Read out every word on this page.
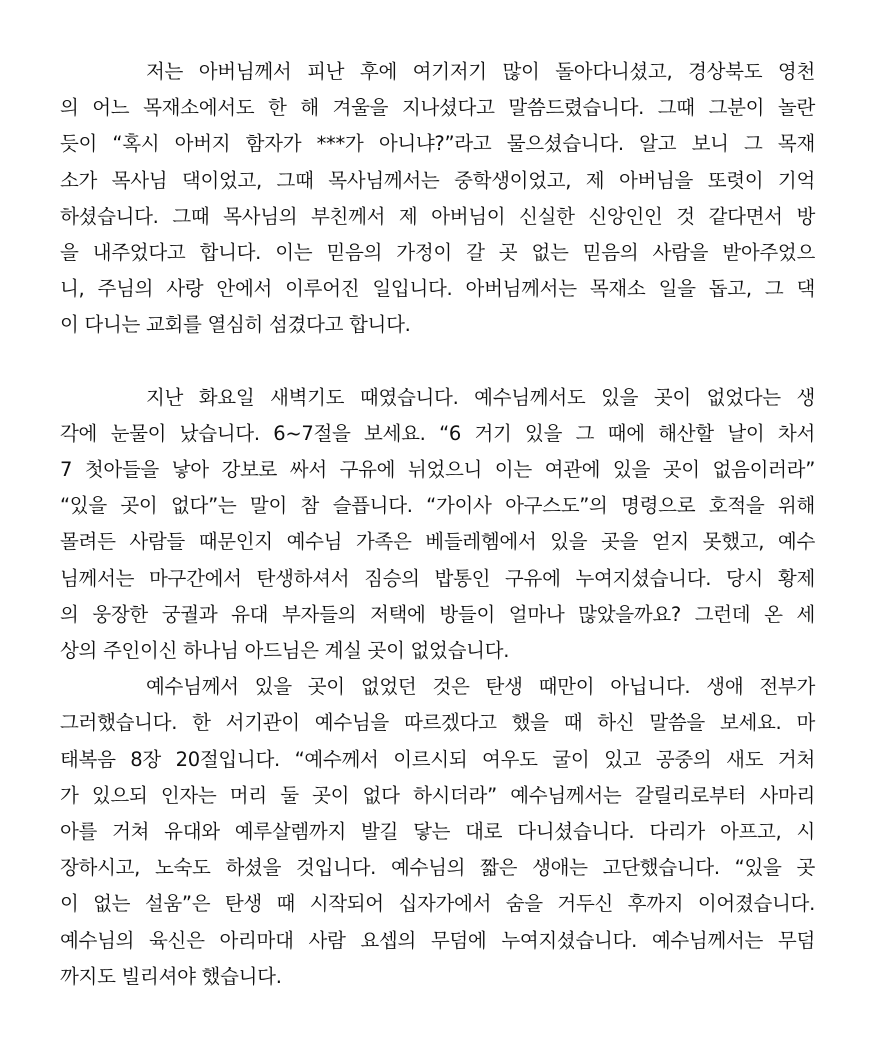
저는 아버님께서 피난 후에 여기저기 많이 돌아다니셨고, 경상북도 영천
의 어느 목재소에서도 한 해 겨울을 지나셨다고 말씀드렸습니다. 그때 그분이 놀란
듯이 “혹시 아버지 함자가 ***가 아니냐?”라고 물으셨습니다. 알고 보니 그 목재
소가 목사님 댁이었고, 그때 목사님께서는 중학생이었고, 제 아버님을 또렷이 기억
하셨습니다. 그때 목사님의 부친께서 제 아버님이 신실한 신앙인인 것 같다면서 방
을 내주었다고 합니다. 이는 믿음의 가정이 갈 곳 없는 믿음의 사람을 받아주었으
니, 주님의 사랑 안에서 이루어진 일입니다. 아버님께서는 목재소 일을 돕고, 그 댁
이 다니는 교회를 열심히 섬겼다고 합니다.
지난 화요일 새벽기도 때였습니다. 예수님께서도 있을 곳이 없었다는 생
각에 눈물이 났습니다. 6~7절을 보세요. “6 거기 있을 그 때에 해산할 날이 차서
7 첫아들을 낳아 강보로 싸서 구유에 뉘었으니 이는 여관에 있을 곳이 없음이러라”
“있을 곳이 없다”는 말이 참 슬픕니다. “가이사 아구스도”의 명령으로 호적을 위해
몰려든 사람들 때문인지 예수님 가족은 베들레헴에서 있을 곳을 얻지 못했고, 예수
님께서는 마구간에서 탄생하셔서 짐승의 밥통인 구유에 누여지셨습니다. 당시 황제
의 웅장한 궁궐과 유대 부자들의 저택에 방들이 얼마나 많았을까요? 그런데 온 세
상의 주인이신 하나님 아드님은 계실 곳이 없었습니다.
예수님께서 있을 곳이 없었던 것은 탄생 때만이 아닙니다. 생애 전부가
그러했습니다. 한 서기관이 예수님을 따르겠다고 했을 때 하신 말씀을 보세요. 마
태복음 8장 20절입니다. “예수께서 이르시되 여우도 굴이 있고 공중의 새도 거처
가 있으되 인자는 머리 둘 곳이 없다 하시더라” 예수님께서는 갈릴리로부터 사마리
아를 거쳐 유대와 예루살렘까지 발길 닿는 대로 다니셨습니다. 다리가 아프고, 시
장하시고, 노숙도 하셨을 것입니다. 예수님의 짧은 생애는 고단했습니다. “있을 곳
이 없는 설움”은 탄생 때 시작되어 십자가에서 숨을 거두신 후까지 이어졌습니다.
예수님의 육신은 아리마대 사람 요셉의 무덤에 누여지셨습니다. 예수님께서는 무덤
까지도 빌리셔야 했습니다.
